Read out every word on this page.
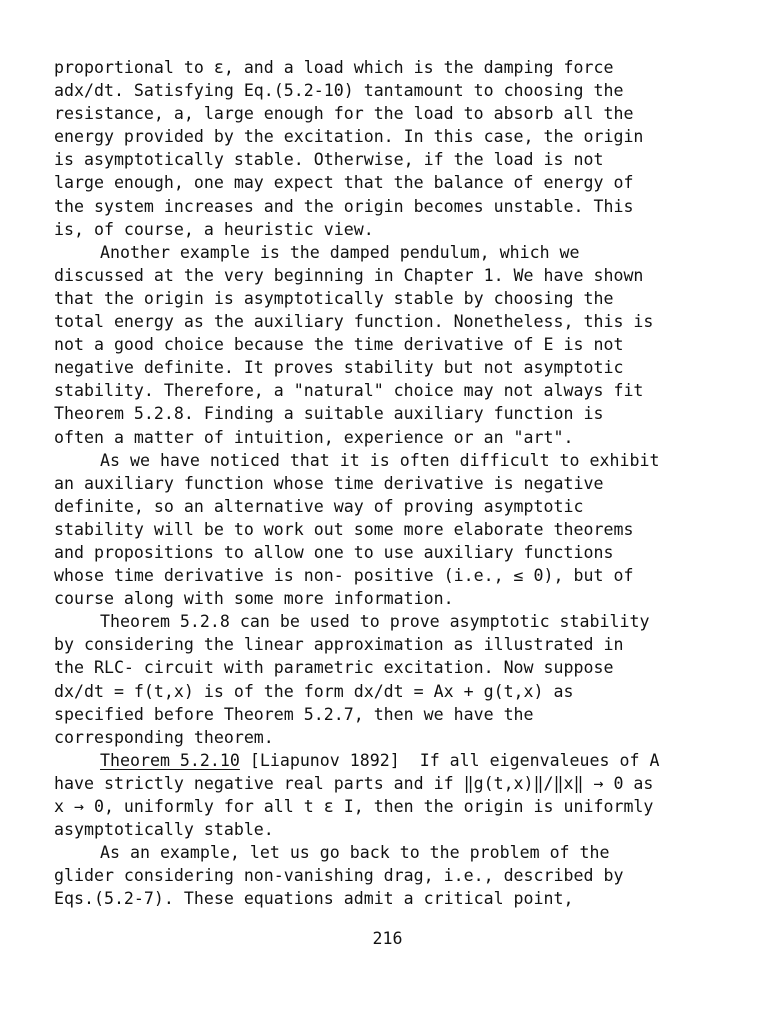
proportional to ε, and a load which is the damping force
adx/dt. Satisfying Eq.(5.2-10) tantamount to choosing the
resistance, a, large enough for the load to absorb all the
energy provided by the excitation. In this case, the origin
is asymptotically stable. Otherwise, if the load is not
large enough, one may expect that the balance of energy of
the system increases and the origin becomes unstable. This
is, of course, a heuristic view.
Another example is the damped pendulum, which we
discussed at the very beginning in Chapter 1. We have shown
that the origin is asymptotically stable by choosing the
total energy as the auxiliary function. Nonetheless, this is
not a good choice because the time derivative of E is not
negative definite. It proves stability but not asymptotic
stability. Therefore, a "natural" choice may not always fit
Theorem 5.2.8. Finding a suitable auxiliary function is
often a matter of intuition, experience or an "art".
As we have noticed that it is often difficult to exhibit
an auxiliary function whose time derivative is negative
definite, so an alternative way of proving asymptotic
stability will be to work out some more elaborate theorems
and propositions to allow one to use auxiliary functions
whose time derivative is non- positive (i.e., ≤ 0), but of
course along with some more information.
Theorem 5.2.8 can be used to prove asymptotic stability
by considering the linear approximation as illustrated in
the RLC- circuit with parametric excitation. Now suppose
dx/dt = f(t,x) is of the form dx/dt = Ax + g(t,x) as
specified before Theorem 5.2.7, then we have the
corresponding theorem.
Theorem 5.2.10 [Liapunov 1892]  If all eigenvaleues of A
have strictly negative real parts and if ‖g(t,x)‖/‖x‖ → 0 as
x → 0, uniformly for all t ε I, then the origin is uniformly
asymptotically stable.
As an example, let us go back to the problem of the
glider considering non-vanishing drag, i.e., described by
Eqs.(5.2-7). These equations admit a critical point,
216
